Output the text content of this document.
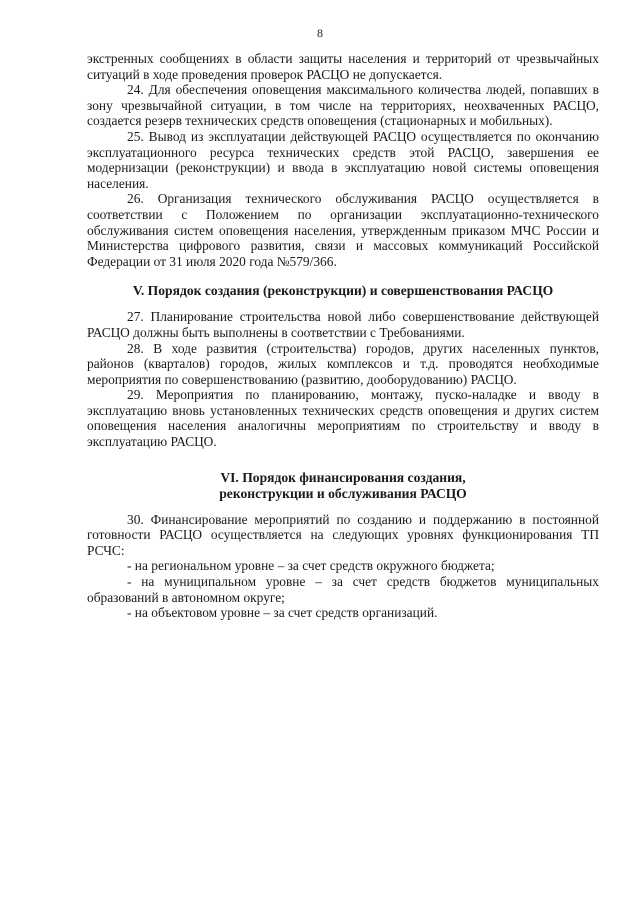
8

экстренных сообщениях в области защиты населения и территорий от чрезвычайных ситуаций в ходе проведения проверок РАСЦО не допускается.

24. Для обеспечения оповещения максимального количества людей, попавших в зону чрезвычайной ситуации, в том числе на территориях, неохваченных РАСЦО, создается резерв технических средств оповещения (стационарных и мобильных).

25. Вывод из эксплуатации действующей РАСЦО осуществляется по окончанию эксплуатационного ресурса технических средств этой РАСЦО, завершения ее модернизации (реконструкции) и ввода в эксплуатацию новой системы оповещения населения.

26. Организация технического обслуживания РАСЦО осуществляется в соответствии с Положением по организации эксплуатационно-технического обслуживания систем оповещения населения, утвержденным приказом МЧС России и Министерства цифрового развития, связи и массовых коммуникаций Российской Федерации от 31 июля 2020 года №579/366.

V. Порядок создания (реконструкции) и совершенствования РАСЦО

27. Планирование строительства новой либо совершенствование действующей РАСЦО должны быть выполнены в соответствии с Требованиями.

28. В ходе развития (строительства) городов, других населенных пунктов, районов (кварталов) городов, жилых комплексов и т.д. проводятся необходимые мероприятия по совершенствованию (развитию, дооборудованию) РАСЦО.

29. Мероприятия по планированию, монтажу, пуско-наладке и вводу в эксплуатацию вновь установленных технических средств оповещения и других систем оповещения населения аналогичны мероприятиям по строительству и вводу в эксплуатацию РАСЦО.

VI. Порядок финансирования создания,
реконструкции и обслуживания РАСЦО

30. Финансирование мероприятий по созданию и поддержанию в постоянной готовности РАСЦО осуществляется на следующих уровнях функционирования ТП РСЧС:

- на региональном уровне – за счет средств окружного бюджета;

- на муниципальном уровне – за счет средств бюджетов муниципальных образований в автономном округе;

- на объектовом уровне – за счет средств организаций.
